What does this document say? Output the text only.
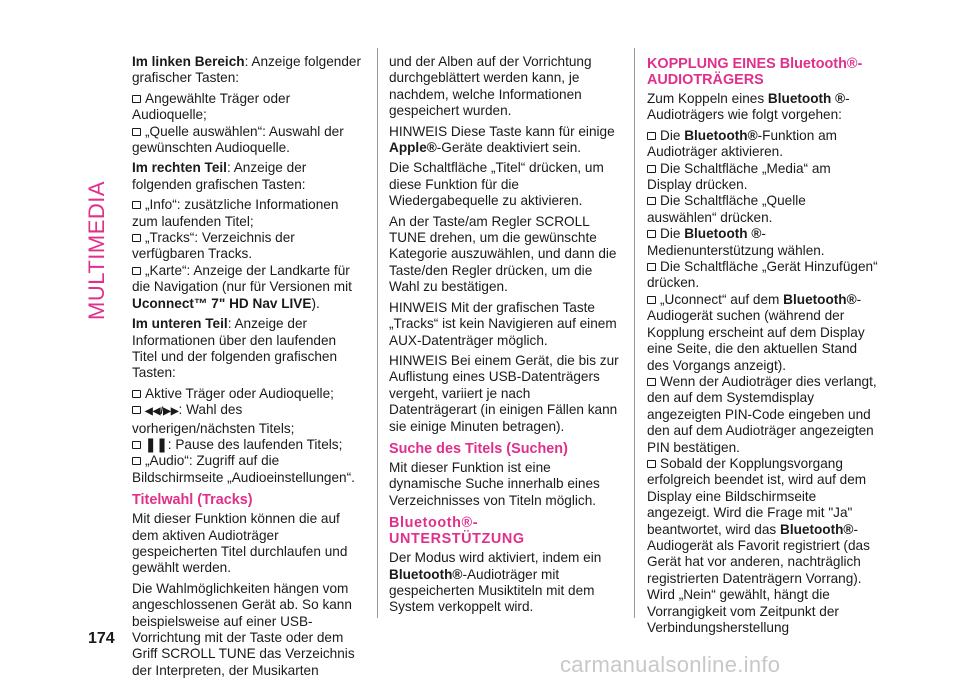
MULTIMEDIA

Im linken Bereich: Anzeige folgender grafischer Tasten:

Angewählte Träger oder Audioquelle;
„Quelle auswählen“: Auswahl der gewünschten Audioquelle.

Im rechten Teil: Anzeige der folgenden grafischen Tasten:

„Info“: zusätzliche Informationen zum laufenden Titel;
„Tracks“: Verzeichnis der verfügbaren Tracks.
„Karte“: Anzeige der Landkarte für die Navigation (nur für Versionen mit Uconnect™ 7" HD Nav LIVE).

Im unteren Teil: Anzeige der Informationen über den laufenden Titel und der folgenden grafischen Tasten:

Aktive Träger oder Audioquelle;
◀◀/▶▶: Wahl des vorherigen/nächsten Titels;
❚❚: Pause des laufenden Titels;
„Audio“: Zugriff auf die Bildschirmseite „Audioeinstellungen“.

Titelwahl (Tracks)

Mit dieser Funktion können die auf dem aktiven Audioträger gespeicherten Titel durchlaufen und gewählt werden.

Die Wahlmöglichkeiten hängen vom angeschlossenen Gerät ab. So kann beispielsweise auf einer USB-Vorrichtung mit der Taste oder dem Griff SCROLL TUNE das Verzeichnis der Interpreten, der Musikarten

und der Alben auf der Vorrichtung durchgeblättert werden kann, je nachdem, welche Informationen gespeichert wurden.

HINWEIS Diese Taste kann für einige Apple®-Geräte deaktiviert sein.

Die Schaltfläche „Titel“ drücken, um diese Funktion für die Wiedergabequelle zu aktivieren.

An der Taste/am Regler SCROLL TUNE drehen, um die gewünschte Kategorie auszuwählen, und dann die Taste/den Regler drücken, um die Wahl zu bestätigen.

HINWEIS Mit der grafischen Taste „Tracks“ ist kein Navigieren auf einem AUX-Datenträger möglich.

HINWEIS Bei einem Gerät, die bis zur Auflistung eines USB-Datenträgers vergeht, variiert je nach Datenträgerart (in einigen Fällen kann sie einige Minuten betragen).

Suche des Titels (Suchen)

Mit dieser Funktion ist eine dynamische Suche innerhalb eines Verzeichnisses von Titeln möglich.

Bluetooth®-
UNTERSTÜTZUNG

Der Modus wird aktiviert, indem ein Bluetooth®-Audioträger mit gespeicherten Musiktiteln mit dem System verkoppelt wird.

KOPPLUNG EINES Bluetooth®-
AUDIOTRÄGERS

Zum Koppeln eines Bluetooth ®-Audioträgers wie folgt vorgehen:

Die Bluetooth®-Funktion am Audioträger aktivieren.
Die Schaltfläche „Media“ am Display drücken.
Die Schaltfläche „Quelle auswählen“ drücken.
Die Bluetooth ®-Medienunterstützung wählen.
Die Schaltfläche „Gerät Hinzufügen“ drücken.
„Uconnect“ auf dem Bluetooth®-Audiogerät suchen (während der Kopplung erscheint auf dem Display eine Seite, die den aktuellen Stand des Vorgangs anzeigt).
Wenn der Audioträger dies verlangt, den auf dem Systemdisplay angezeigten PIN-Code eingeben und den auf dem Audioträger angezeigten PIN bestätigen.
Sobald der Kopplungsvorgang erfolgreich beendet ist, wird auf dem Display eine Bildschirmseite angezeigt. Wird die Frage mit "Ja" beantwortet, wird das Bluetooth®-Audiogerät als Favorit registriert (das Gerät hat vor anderen, nachträglich registrierten Datenträgern Vorrang). Wird „Nein“ gewählt, hängt die Vorrangigkeit vom Zeitpunkt der Verbindungsherstellung

174
carmanualsonline.info
